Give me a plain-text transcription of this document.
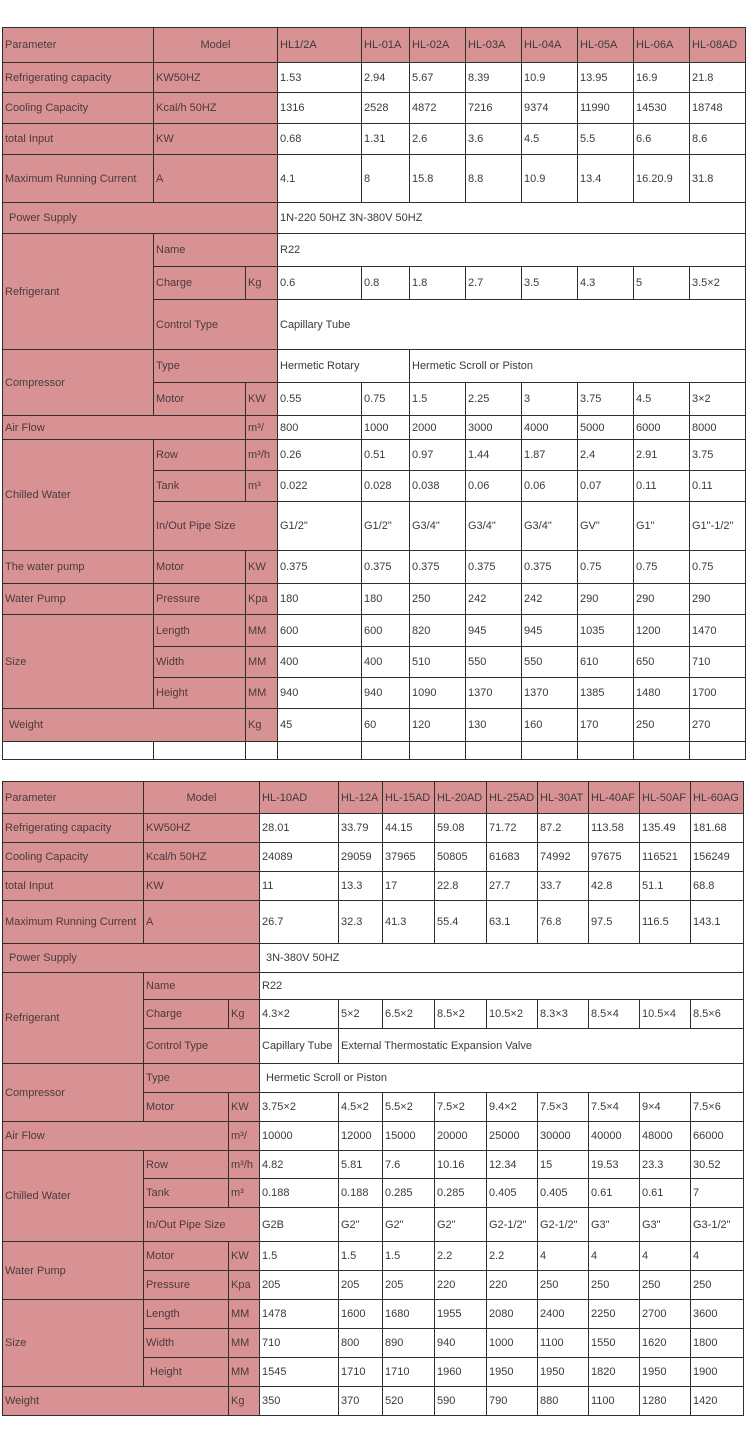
Parameter	Model		HL1/2A	HL-01A	HL-02A	HL-03A	HL-04A	HL-05A	HL-06A	HL-08AD
Refrigerating capacity	KW50HZ		1.53	2.94	5.67	8.39	10.9	13.95	16.9	21.8
Cooling Capacity	Kcal/h 50HZ		1316	2528	4872	7216	9374	11990	14530	18748
total Input	KW		0.68	1.31	2.6	3.6	4.5	5.5	6.6	8.6
Maximum Running Current	A		4.1	8	15.8	8.8	10.9	13.4	16.20.9	31.8
Power Supply			1N-220 50HZ 3N-380V 50HZ							
Refrigerant	Name		R22							
	Charge	Kg	0.6	0.8	1.8	2.7	3.5	4.3	5	3.5×2
	Control Type		Capillary Tube							
Compressor	Type		Hermetic Rotary		Hermetic Scroll or Piston					
	Motor	KW	0.55	0.75	1.5	2.25	3	3.75	4.5	3×2
Air Flow		m³/	800	1000	2000	3000	4000	5000	6000	8000
Chilled Water	Row	m³/h	0.26	0.51	0.97	1.44	1.87	2.4	2.91	3.75
	Tank	m³	0.022	0.028	0.038	0.06	0.06	0.07	0.11	0.11
	In/Out Pipe Size		G1/2"	G1/2"	G3/4"	G3/4"	G3/4"	GV"	G1"	G1"-1/2"
The water pump	Motor	KW	0.375	0.375	0.375	0.375	0.375	0.75	0.75	0.75
Water Pump	Pressure	Kpa	180	180	250	242	242	290	290	290
Size	Length	MM	600	600	820	945	945	1035	1200	1470
	Width	MM	400	400	510	550	550	610	650	710
	Height	MM	940	940	1090	1370	1370	1385	1480	1700
Weight		Kg	45	60	120	130	160	170	250	270

Parameter	Model		HL-10AD	HL-12A	HL-15AD	HL-20AD	HL-25AD	HL-30AT	HL-40AF	HL-50AF	HL-60AG
Refrigerating capacity	KW50HZ		28.01	33.79	44.15	59.08	71.72	87.2	113.58	135.49	181.68
Cooling Capacity	Kcal/h 50HZ		24089	29059	37965	50805	61683	74992	97675	116521	156249
total Input	KW		11	13.3	17	22.8	27.7	33.7	42.8	51.1	68.8
Maximum Running Current	A		26.7	32.3	41.3	55.4	63.1	76.8	97.5	116.5	143.1
Power Supply			3N-380V 50HZ								
Refrigerant	Name		R22								
	Charge	Kg	4.3×2	5×2	6.5×2	8.5×2	10.5×2	8.3×3	8.5×4	10.5×4	8.5×6
	Control Type		Capillary Tube	External Thermostatic Expansion Valve							
Compressor	Type		Hermetic Scroll or Piston								
	Motor	KW	3.75×2	4.5×2	5.5×2	7.5×2	9.4×2	7.5×3	7.5×4	9×4	7.5×6
Air Flow		m³/	10000	12000	15000	20000	25000	30000	40000	48000	66000
Chilled Water	Row	m³/h	4.82	5.81	7.6	10.16	12.34	15	19.53	23.3	30.52
	Tank	m³	0.188	0.188	0.285	0.285	0.405	0.405	0.61	0.61	7
	In/Out Pipe Size		G2B	G2"	G2"	G2"	G2-1/2"	G2-1/2"	G3"	G3"	G3-1/2"
Water Pump	Motor	KW	1.5	1.5	1.5	2.2	2.2	4	4	4	4
	Pressure	Kpa	205	205	205	220	220	250	250	250	250
Size	Length	MM	1478	1600	1680	1955	2080	2400	2250	2700	3600
	Width	MM	710	800	890	940	1000	1100	1550	1620	1800
	Height	MM	1545	1710	1710	1960	1950	1950	1820	1950	1900
Weight		Kg	350	370	520	590	790	880	1100	1280	1420
